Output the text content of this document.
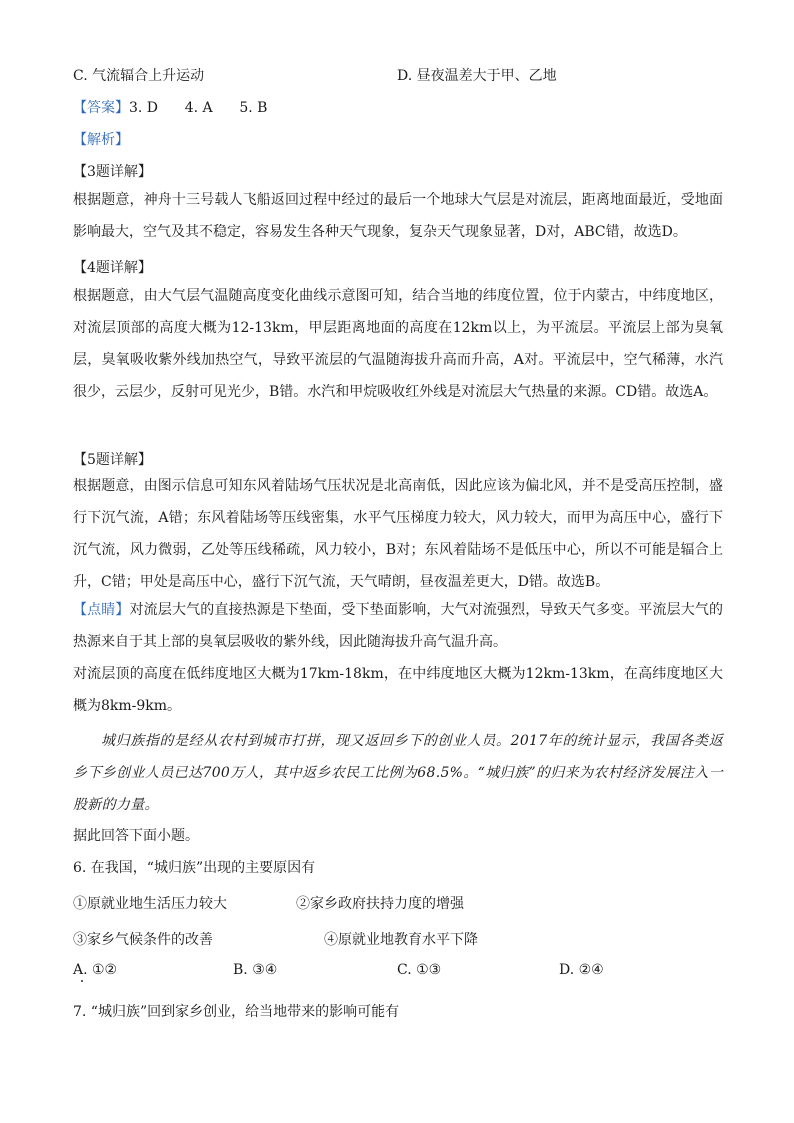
C. 气流辐合上升运动	D. 昼夜温差大于甲、乙地
【答案】3. D      4. A      5. B
【解析】
【3题详解】

根据题意，神舟十三号载人飞船返回过程中经过的最后一个地球大气层是对流层，距离地面最近，受地面影响最大，空气及其不稳定，容易发生各种天气现象，复杂天气现象显著，D对，ABC错，故选D。

【4题详解】

根据题意，由大气层气温随高度变化曲线示意图可知，结合当地的纬度位置，位于内蒙古，中纬度地区，对流层顶部的高度大概为12-13km，甲层距离地面的高度在12km以上，为平流层。平流层上部为臭氧层，臭氧吸收紫外线加热空气，导致平流层的气温随海拔升高而升高，A对。平流层中，空气稀薄，水汽很少，云层少，反射可见光少，B错。水汽和甲烷吸收红外线是对流层大气热量的来源。CD错。故选A。

【5题详解】

根据题意，由图示信息可知东风着陆场气压状况是北高南低，因此应该为偏北风，并不是受高压控制，盛行下沉气流，A错；东风着陆场等压线密集，水平气压梯度力较大，风力较大，而甲为高压中心，盛行下沉气流，风力微弱，乙处等压线稀疏，风力较小，B对；东风着陆场不是低压中心，所以不可能是辐合上升，C错；甲处是高压中心，盛行下沉气流，天气晴朗，昼夜温差更大，D错。故选B。

【点睛】对流层大气的直接热源是下垫面，受下垫面影响，大气对流强烈，导致天气多变。平流层大气的热源来自于其上部的臭氧层吸收的紫外线，因此随海拔升高气温升高。

对流层顶的高度在低纬度地区大概为17km-18km，在中纬度地区大概为12km-13km，在高纬度地区大概为8km-9km。

城归族指的是经从农村到城市打拼，现又返回乡下的创业人员。2017年的统计显示，我国各类返乡下乡创业人员已达700万人，其中返乡农民工比例为68.5%。“城归族”的归来为农村经济发展注入一股新的力量。

据此回答下面小题。
6. 在我国，“城归族”出现的主要原因有
①原就业地生活压力较大	②家乡政府扶持力度的增强
③家乡气候条件的改善	④原就业地教育水平下降
A. ①②	B. ③④	C. ①③	D. ②④
7. “城归族”回到家乡创业，给当地带来的影响可能有
